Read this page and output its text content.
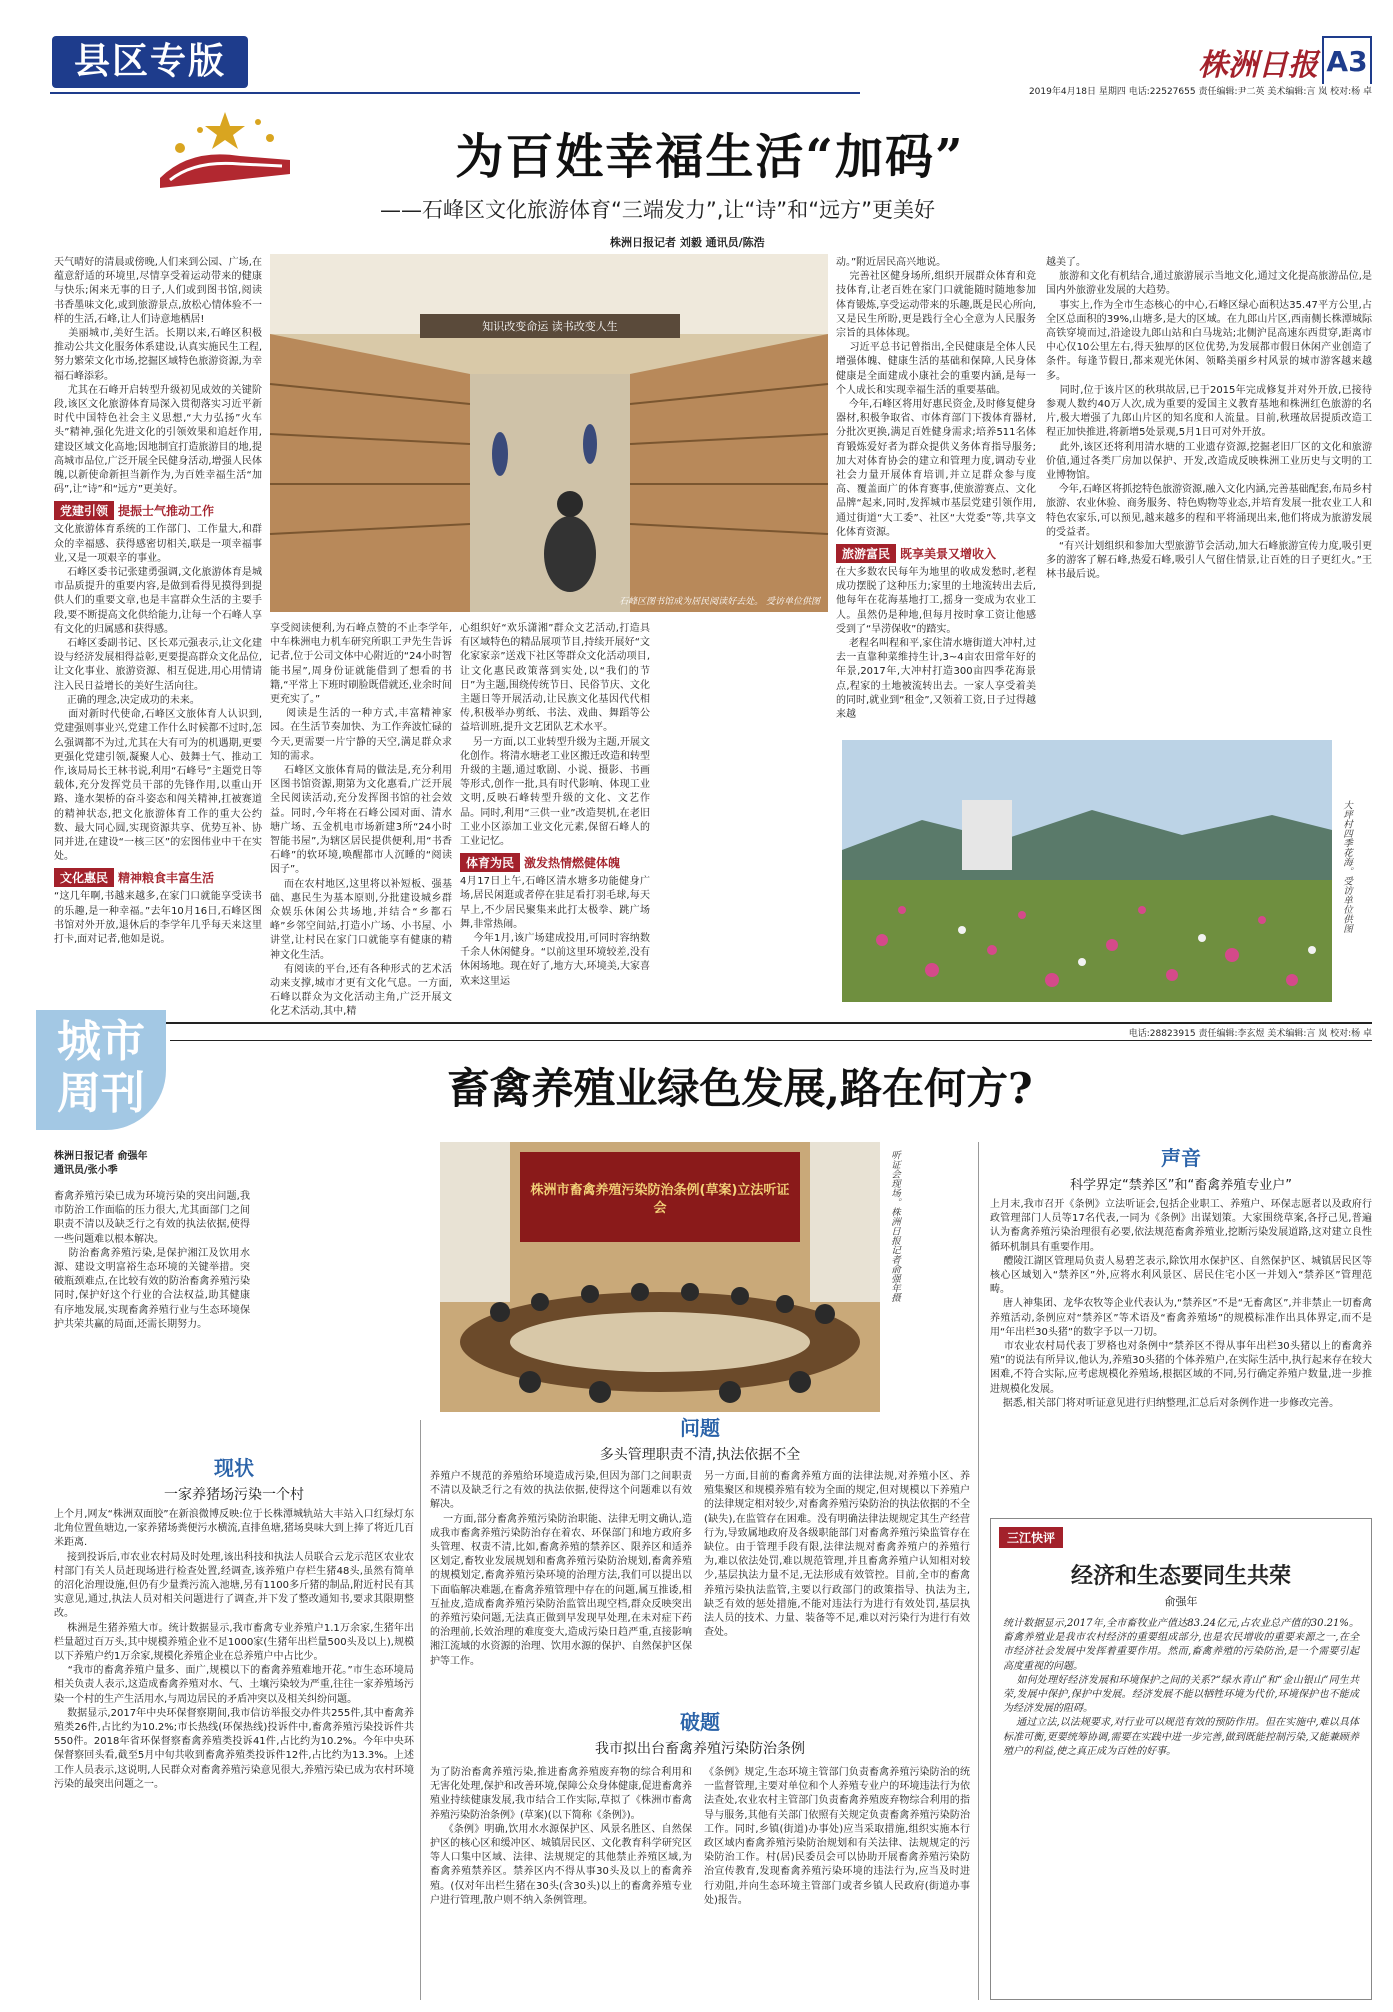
县区专版	株洲日报 A3
2019年4月18日 星期四 电话:22527655 责任编辑:尹二英 美术编辑:言 岚 校对:杨 卓
为百姓幸福生活“加码”
——石峰区文化旅游体育“三端发力”,让“诗”和“远方”更美好
株洲日报记者 刘毅 通讯员/陈浩
天气晴好的清晨或傍晚,人们来到公园、广场,在蕴意舒适的环境里,尽情享受着运动带来的健康与快乐;闲来无事的日子,人们或到图书馆,阅读书香墨味文化,或到旅游景点,放松心情体验不一样的生活,石峰,让人们诗意地栖居!
美丽城市,美好生活。长期以来,石峰区积极推动公共文化服务体系建设,认真实施民生工程,努力繁荣文化市场,挖掘区域特色旅游资源,为幸福石峰添彩。
尤其在石峰开启转型升级初见成效的关键阶段,该区文化旅游体育局深入贯彻落实习近平新时代中国特色社会主义思想,“大力弘扬”火车头”精神,强化先进文化的引领效果和追赶作用,建设区域文化高地;因地制宜打造旅游目的地,提高城市品位,广泛开展全民健身活动,增强人民体魄,以新使命新担当新作为,为百姓幸福生活“加码”,让“诗”和“远方”更美好。
党建引领 提振士气推动工作
文化旅游体育系统的工作部门、工作量大,和群众的幸福感、获得感密切相关,联是一项幸福事业,又是一项艰辛的事业。
石峰区委书记张建勇强调,文化旅游体育是城市品质提升的重要内容,是做到看得见摸得到提供人们的重要文章,也是丰富群众生活的主要手段,要不断提高文化供给能力,让每一个石峰人享有文化的归属感和获得感。
石峰区委副书记、区长邓元强表示,让文化建设与经济发展相得益彰,更要提高群众文化品位,让文化事业、旅游资源、相互促进,用心用情请注入民日益增长的美好生活向往。
正确的理念,决定成功的未来。
面对新时代使命,石峰区文旅体育人认识到,党建强则事业兴,党建工作什么时候都不过时,怎么强调都不为过,尤其在大有可为的机遇期,更要更强化党建引领,凝聚人心、鼓舞士气、推动工作,该局局长王林书说,利用“石峰号”主题党日等载体,充分发挥党员干部的先锋作用,以重山开路、逢水架桥的奋斗姿态和闯关精神,扛被赛道的精神状态,把文化旅游体育工作的重大公约数、最大同心圆,实现资源共享、优势互补、协同并进,在建设“一核三区”的宏图伟业中干在实处。
文化惠民 精神粮食丰富生活
“这几年啊,书越来越多,在家门口就能享受读书的乐趣,是一种幸福。”去年10月16日,石峰区图书馆对外开放,退休后的李学年几乎每天来这里打卡,面对记者,他如是说。
知识改变命运 读书改变人生
石峰区图书馆成为居民阅读好去处。 受访单位供图
享受阅读便利,为石峰点赞的不止李学年,中车株洲电力机车研究所职工尹先生告诉记者,位于公司文体中心附近的“24小时智能书屋”,周身份证就能借到了想看的书籍,“平常上下班时刷脸既借就还,业余时间更充实了。”
阅读是生活的一种方式,丰富精神家园。在生活节奏加快、为工作奔波忙碌的今天,更需要一片宁静的天空,满足群众求知的需求。
石峰区文旅体育局的做法是,充分利用区图书馆资源,期第为文化惠看,广泛开展全民阅读活动,充分发挥图书馆的社会效益。同时,今年将在石峰公园对面、清水塘广场、五金机电市场新建3所“24小时智能书屋”,为辖区居民提供便利,用“书香石峰”的软环境,唤醒都市人沉睡的“阅读因子”。
而在农村地区,这里将以补短板、强基础、惠民生为基本原则,分批建设城乡群众娱乐休闲公共场地,并结合“乡都石峰”乡邻空间站,打造小广场、小书屋、小讲堂,让村民在家门口就能享有健康的精神文化生活。
有阅读的平台,还有各种形式的艺术活动来支撑,城市才更有文化气息。一方面,石峰以群众为文化活动主角,广泛开展文化艺术活动,其中,精
心组织好“欢乐潇湘”群众文艺活动,打造具有区域特色的精品展项节目,持续开展好“文化家家亲”送戏下社区等群众文化活动项目,让文化惠民政策落到实处,以“我们的节日”为主题,围绕传统节日、民俗节庆、文化主题日等开展活动,让民族文化基因代代相传,积极举办剪纸、书法、戏曲、舞蹈等公益培训班,提升文艺团队艺术水平。
另一方面,以工业转型升级为主题,开展文化创作。将清水塘老工业区搬迁改造和转型升级的主题,通过歌剧、小说、摄影、书画等形式,创作一批,具有时代影响、体现工业文明,反映石峰转型升级的文化、文艺作品。同时,利用“三供一业”改造契机,在老旧工业小区添加工业文化元素,保留石峰人的工业记忆。
体育为民 激发热情燃健体魄
4月17日上午,石峰区清水塘多功能健身广场,居民闲逛或者停在驻足看打羽毛球,每天早上,不少居民聚集来此打太极拳、跳广场舞,非常热闹。
今年1月,该广场建成投用,可同时容纳数千余人休闲健身。“以前这里环境较差,没有休闲场地。现在好了,地方大,环境美,大家喜欢来这里运
动。”附近居民高兴地说。
完善社区健身场所,组织开展群众体育和竞技体育,让老百姓在家门口就能随时随地参加体育锻炼,享受运动带来的乐趣,既是民心所向,又是民生所盼,更是践行全心全意为人民服务宗旨的具体体现。
习近平总书记曾指出,全民健康是全体人民增强体魄、健康生活的基础和保障,人民身体健康是全面建成小康社会的重要内涵,是每一个人成长和实现幸福生活的重要基础。
今年,石峰区将用好惠民资金,及时修复健身器材,积极争取省、市体育部门下拨体育器材,分批次更换,满足百姓健身需求;培养511名体育锻炼爱好者为群众提供义务体育指导服务;加大对体育协会的建立和管理力度,调动专业社会力量开展体育培训,并立足群众参与度高、覆盖面广的体育赛事,使旅游赛点、文化品牌“起来,同时,发挥城市基层党建引领作用,通过街道“大工委”、社区“大党委”等,共享文化体育资源。
旅游富民 既享美景又增收入
在大多数农民每年为地里的收成发愁时,老程成功摆脱了这种压力;家里的土地流转出去后,他每年在花海基地打工,摇身一变成为农业工人。虽然仍是种地,但每月按时拿工资让他感受到了“旱涝保收”的踏实。
老程名叫程和平,家住清水塘街道大冲村,过去一直靠种菜维持生计,3~4亩农田常年好的年景,2017年,大冲村打造300亩四季花海景点,程家的土地被流转出去。一家人享受着美的同时,就业到“租金”,又领着工资,日子过得越来越
越美了。
旅游和文化有机结合,通过旅游展示当地文化,通过文化提高旅游品位,是国内外旅游业发展的大趋势。
事实上,作为全市生态核心的中心,石峰区绿心面积达35.47平方公里,占全区总面积的39%,山塘多,是大的区域。在九郎山片区,西南侧长株潭城际高铁穿境而过,沿途设九郎山站和白马垅站;北侧沪昆高速东西贯穿,距离市中心仅10公里左右,得天独厚的区位优势,为发展都市假日休闲产业创造了条件。每逢节假日,都来观光休闲、领略美丽乡村风景的城市游客越来越多。
同时,位于该片区的秋琪故居,已于2015年完成修复并对外开放,已接待参观人数约40万人次,成为重要的爱国主义教育基地和株洲红色旅游的名片,极大增强了九郎山片区的知名度和人流量。目前,秋瑾故居提质改造工程正加快推进,将新增5处景观,5月1日可对外开放。
此外,该区还将利用清水塘的工业遗存资源,挖掘老旧厂区的文化和旅游价值,通过各类厂房加以保护、开发,改造成反映株洲工业历史与文明的工业博物馆。
今年,石峰区将抓挖特色旅游资源,融入文化内涵,完善基础配套,布局乡村旅游、农业休验、商务服务、特色购物等业态,并培育发展一批农业工人和特色农家乐,可以预见,越来越多的程和平将涌现出来,他们将成为旅游发展的受益者。
“有兴计划组织和参加大型旅游节会活动,加大石峰旅游宣传力度,吸引更多的游客了解石峰,热爱石峰,吸引人气留住情景,让百姓的日子更红火。”王林书最后说。
大坪村四季花海。受访单位供图
电话:28823915 责任编辑:李玄煜 美术编辑:言 岚 校对:杨 卓
城市
周刊	畜禽养殖业绿色发展,路在何方?
株洲日报记者 俞强年
通讯员/张小季
畜禽养殖污染已成为环境污染的突出问题,我市防治工作面临的压力很大,尤其面部门之间职责不清以及缺乏行之有效的执法依据,使得一些问题难以根本解决。
防治畜禽养殖污染,是保护湘江及饮用水源、建设文明富裕生态环境的关键举措。突破瓶颈难点,在比较有效的防治畜禽养殖污染同时,保护好这个行业的合法权益,助其健康有序地发展,实现畜禽养殖行业与生态环境保护共荣共赢的局面,还需长期努力。
株洲市畜禽养殖污染防治条例(草案)立法听证会	听证会现场。株洲日报记者俞强年摄
现状
一家养猪场污染一个村
上个月,网友“株洲双面胶”在新浪微博反映:位于长株潭城轨站大丰站入口红绿灯东北角位置鱼塘边,一家养猪场粪便污水横流,直排鱼塘,猪场臭味大到上捧了将近几百米距离.
接到投诉后,市农业农村局及时处理,该出科技和执法人员联合云龙示范区农业农村部门有关人员赶现场进行检查处置,经调查,该养殖户存栏生猪48头,虽然有简单的沼化治理设施,但仍有少量粪污流入池塘,另有1100多斤猪的制品,附近村民有其实意见,通过,执法人员对相关问题进行了调查,并下发了整改通知书,要求其限期整改。
株洲是生猪养殖大市。统计数据显示,我市畜禽专业养殖户1.1万余家,生猪年出栏量超过百万头,其中规模养殖企业不足1000家(生猪年出栏量500头及以上),规模以下养殖户约1万余家,规模化养殖企业在总养殖户中占比少。
“我市的畜禽养殖户量多、面广,规模以下的畜禽养殖难地开花。”市生态环境局相关负责人表示,这造成畜禽养殖对水、气、土壤污染较为严重,往往一家养殖场污染一个村的生产生活用水,与周边居民的矛盾冲突以及相关纠纷问题。
数据显示,2017年中央环保督察期间,我市信访举报交办件共255件,其中畜禽养殖类26件,占比约为10.2%;市长热线(环保热线)投诉件中,畜禽养殖污染投诉件共550件。2018年省环保督察畜禽养殖类投诉41件,占比约为10.2%。今年中央环保督察回头看,截至5月中旬共收到畜禽养殖类投诉件12件,占比约为13.3%。上述工作人员表示,这说明,人民群众对畜禽养殖污染意见很大,养殖污染已成为农村环境污染的最突出问题之一。
问题
多头管理职责不清,执法依据不全
养殖户不规范的养殖给环境造成污染,但因为部门之间职责不清以及缺乏行之有效的执法依据,使得这个问题难以有效解决。
一方面,部分畜禽养殖污染防治职能、法律无明文确认,造成我市畜禽养殖污染防治存在着农、环保部门和地方政府多头管理、权责不清,比如,畜禽养殖的禁养区、限养区和适养区划定,畜牧业发展规划和畜禽养殖污染防治规划,畜禽养殖的规模划定,畜禽养殖污染环境的治理方法,我们可以提出以下面临解决难题,在畜禽养殖管理中存在的问题,属互推诿,相互扯皮,造成畜禽养殖污染防治监管出现空档,群众反映突出的养殖污染问题,无法真正做到早发现早处理,在未对症下药的治理前,长效治理的难度变大,造成污染日趋严重,直接影响湘江流域的水资源的治理、饮用水源的保护、自然保护区保护等工作。
另一方面,目前的畜禽养殖方面的法律法规,对养殖小区、养殖集聚区和规模养殖有较为全面的规定,但对规模以下养殖户的法律规定相对较少,对畜禽养殖污染防治的执法依据的不全(缺失),在监管存在困难。没有明确法律法规规定其生产经营行为,导致属地政府及各级职能部门对畜禽养殖污染监管存在缺位。由于管理手段有限,法律法规对畜禽养殖户的养殖行为,难以依法处罚,难以规范管理,并且畜禽养殖户认知相对较少,基层执法力量不足,无法形成有效管控。目前,全市的畜禽养殖污染执法监管,主要以行政部门的政策指导、执法为主,缺乏有效的惩处措施,不能对违法行为进行有效处罚,基层执法人员的技术、力量、装备等不足,难以对污染行为进行有效查处。
破题
我市拟出台畜禽养殖污染防治条例
为了防治畜禽养殖污染,推进畜禽养殖废弃物的综合利用和无害化处理,保护和改善环境,保障公众身体健康,促进畜禽养殖业持续健康发展,我市结合工作实际,草拟了《株洲市畜禽养殖污染防治条例》(草案)(以下简称《条例》)。
《条例》明确,饮用水水源保护区、风景名胜区、自然保护区的核心区和缓冲区、城镇居民区、文化教育科学研究区等人口集中区域、法律、法规规定的其他禁止养殖区域,为畜禽养殖禁养区。禁养区内不得从事30头及以上的畜禽养殖。(仅对年出栏生猪在30头(含30头)以上的畜禽养殖专业户进行管理,散户则不纳入条例管理。
《条例》规定,生态环境主管部门负责畜禽养殖污染防治的统一监督管理,主要对单位和个人养殖专业户的环境违法行为依法查处,农业农村主管部门负责畜禽养殖废弃物综合利用的指导与服务,其他有关部门依照有关规定负责畜禽养殖污染防治工作。同时,乡镇(街道)办事处)应当采取措施,组织实施本行政区域内畜禽养殖污染防治规划和有关法律、法规规定的污染防治工作。村(居)民委员会可以协助开展畜禽养殖污染防治宣传教育,发现畜禽养殖污染环境的违法行为,应当及时进行劝阻,并向生态环境主管部门或者乡镇人民政府(街道办事处)报告。
声音
科学界定“禁养区”和“畜禽养殖专业户”
上月末,我市召开《条例》立法听证会,包括企业职工、养殖户、环保志愿者以及政府行政管理部门人员等17名代表,一同为《条例》出谋划策。大家围绕草案,各抒己见,普遍认为畜禽养殖污染治理很有必要,依法规范畜禽养殖业,挖断污染发展道路,这对建立良性循环机制具有重要作用。
醴陵江湖区管理局负责人易碧芝表示,除饮用水保护区、自然保护区、城镇居民区等核心区域划入“禁养区”外,应将水利风景区、居民住宅小区一并划入“禁养区”管理范畴。
唐人神集团、龙华农牧等企业代表认为,“禁养区”不是“无畜禽区”,并非禁止一切畜禽养殖活动,条例应对“禁养区”等术语及“畜禽养殖场”的规模标准作出具体界定,而不是用“年出栏30头猪”的数字予以一刀切。
市农业农村局代表丁罗格也对条例中“禁养区不得从事年出栏30头猪以上的畜禽养殖”的说法有所异议,他认为,养殖30头猪的个体养殖户,在实际生活中,执行起来存在较大困难,不符合实际,应考虑规模化养殖场,根据区域的不同,另行确定养殖户数量,进一步推进规模化发展。
据悉,相关部门将对听证意见进行归纳整理,汇总后对条例作进一步修改完善。
三江快评
经济和生态要同生共荣
俞强年
统计数据显示,2017年,全市畜牧业产值达83.24亿元,占农业总产值的30.21%。畜禽养殖业是我市农村经济的重要组成部分,也是农民增收的重要来源之一,在全市经济社会发展中发挥着重要作用。然而,畜禽养殖的污染防治,是一个需要引起高度重视的问题。
如何处理好经济发展和环境保护之间的关系?“绿水青山”和“金山银山”同生共荣,发展中保护,保护中发展。经济发展不能以牺牲环境为代价,环境保护也不能成为经济发展的阻碍。
通过立法,以法规要求,对行业可以规范有效的预防作用。但在实施中,难以具体标准可衡,更要统筹协调,需要在实践中进一步完善,做到既能控制污染,又能兼顾养殖户的利益,使之真正成为百姓的好事。
